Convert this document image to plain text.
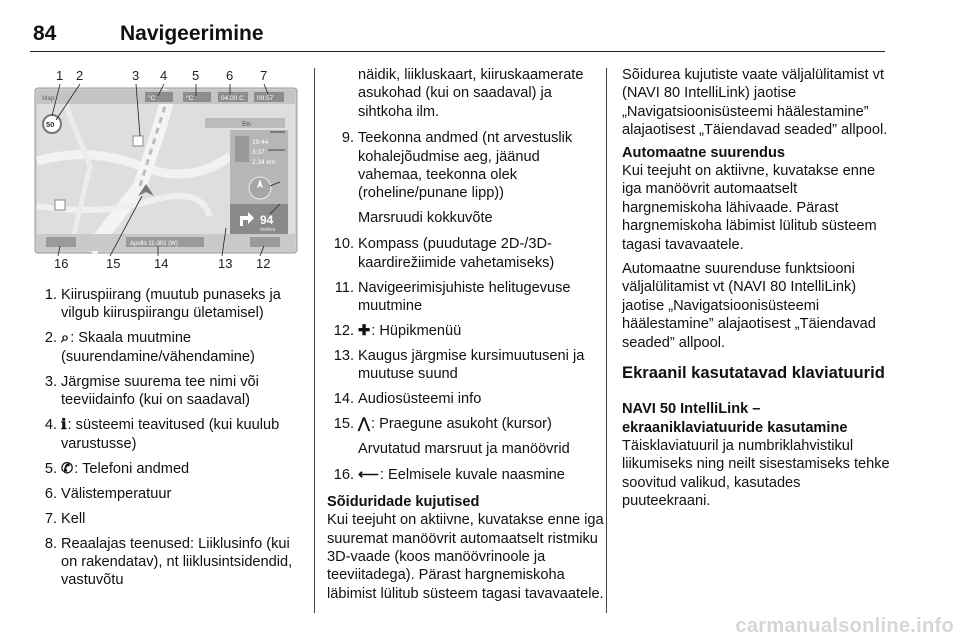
84	Navigeerimine
1 2	3 4 5 6 7
12
13
14
15
16
Map	°C	°C	04.00 C 09:57
50	5%
19:44
3:37
2.34 km
94
metres
Apollo 11-301 (W)
1 . Kiiruspiirang (muutub punaseks ja vilgub kiiruspiirangu ületamisel)
2 . ⌕: Skaala muutmine (suurendamine/vähendamine)
3 . Järgmise suurema tee nimi või teeviidainfo (kui on saadaval)
4 . ℹ: süsteemi teavitused (kui kuulub varustusse)
5 . ✆: Telefoni andmed
6 . Välistemperatuur
7 . Kell
8 . Reaalajas teenused: Liiklusinfo (kui on rakendatav), nt liiklusintsidendid, vastuvõtu

näidik, liikluskaart, kiiruskaamerate asukohad (kui on saadaval) ja sihtkoha ilm.

9 . Teekonna andmed (nt arvestuslik kohalejõudmise aeg, jäänud vahemaa, teekonna olek (roheline/punane lipp))

Marsruudi kokkuvõte

10 . Kompass (puudutage 2D-/3D-kaardirežiimide vahetamiseks)
11 . Navigeerimisjuhiste helitugevuse muutmine
12 . ✚: Hüpikmenüü
13 . Kaugus järgmise kursimuutuseni ja muutuse suund
14 . Audiosüsteemi info
15 . ⋀: Praegune asukoht (kursor)

Arvutatud marsruut ja manöövrid

16 . ⟵: Eelmisele kuvale naasmine

Sõiduridade kujutised

Kui teejuht on aktiivne, kuvatakse enne iga suuremat manöövrit automaatselt ristmiku 3D-vaade (koos manöövrinoole ja teeviitadega). Pärast hargnemiskoha läbimist lülitub süsteem tagasi tavavaatele.

Sõidurea kujutiste vaate väljalülitamist vt (NAVI 80 IntelliLink) jaotise „Navigatsioonisüsteemi häälestamine” alajaotisest „Täiendavad seaded” allpool.

Automaatne suurendus

Kui teejuht on aktiivne, kuvatakse enne iga manöövrit automaatselt hargnemiskoha lähivaade. Pärast hargnemiskoha läbimist lülitub süsteem tagasi tavavaatele.

Automaatne suurenduse funktsiooni väljalülitamist vt (NAVI 80 IntelliLink) jaotise „Navigatsioonisüsteemi häälestamine” alajaotisest „Täiendavad seaded” allpool.

Ekraanil kasutatavad klaviatuurid

NAVI 50 IntelliLink – ekraaniklaviatuuride kasutamine

Täisklaviatuuril ja numbriklahvistikul liikumiseks ning neilt sisestamiseks tehke soovitud valikud, kasutades puuteekraani.

carmanualsonline.info
